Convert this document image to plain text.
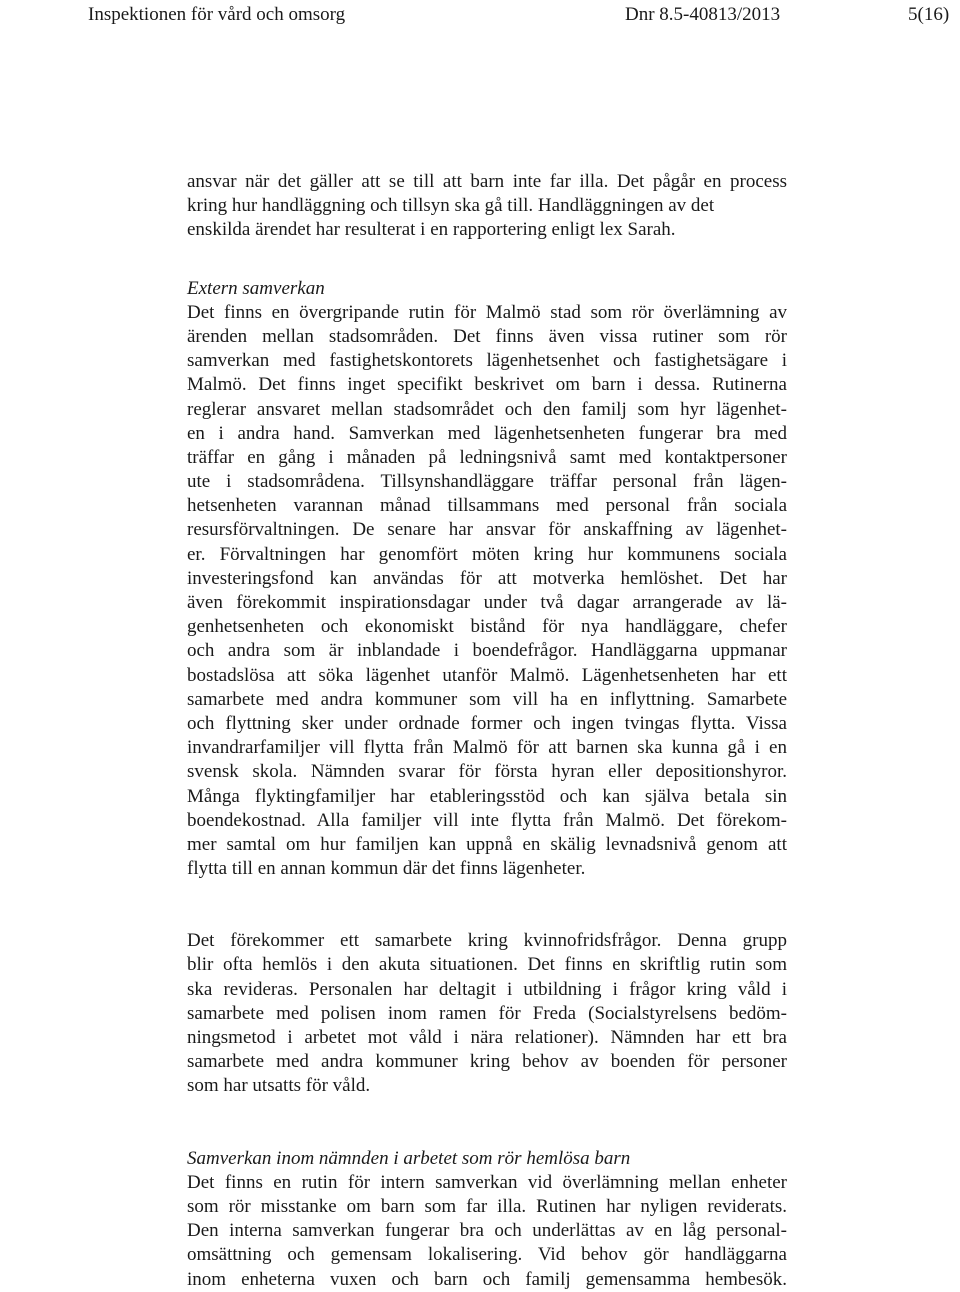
Inspektionen för vård och omsorg	Dnr 8.5-40813/2013	5(16)
ansvar när det gäller att se till att barn inte far illa. Det pågår en process
kring hur handläggning och tillsyn ska gå till. Handläggningen av det
enskilda ärendet har resulterat i en rapportering enligt lex Sarah.
Extern samverkan
Det finns en övergripande rutin för Malmö stad som rör överlämning av
ärenden mellan stadsområden. Det finns även vissa rutiner som rör
samverkan med fastighetskontorets lägenhetsenhet och fastighetsägare i
Malmö. Det finns inget specifikt beskrivet om barn i dessa. Rutinerna
reglerar ansvaret mellan stadsområdet och den familj som hyr lägenhet-
en i andra hand. Samverkan med lägenhetsenheten fungerar bra med
träffar en gång i månaden på ledningsnivå samt med kontaktpersoner
ute i stadsområdena. Tillsynshandläggare träffar personal från lägen-
hetsenheten varannan månad tillsammans med personal från sociala
resursförvaltningen. De senare har ansvar för anskaffning av lägenhet-
er. Förvaltningen har genomfört möten kring hur kommunens sociala
investeringsfond kan användas för att motverka hemlöshet. Det har
även förekommit inspirationsdagar under två dagar arrangerade av lä-
genhetsenheten och ekonomiskt bistånd för nya handläggare, chefer
och andra som är inblandade i boendefrågor. Handläggarna uppmanar
bostadslösa att söka lägenhet utanför Malmö. Lägenhetsenheten har ett
samarbete med andra kommuner som vill ha en inflyttning. Samarbete
och flyttning sker under ordnade former och ingen tvingas flytta. Vissa
invandrarfamiljer vill flytta från Malmö för att barnen ska kunna gå i en
svensk skola. Nämnden svarar för första hyran eller depositionshyror.
Många flyktingfamiljer har etableringsstöd och kan själva betala sin
boendekostnad. Alla familjer vill inte flytta från Malmö. Det förekom-
mer samtal om hur familjen kan uppnå en skälig levnadsnivå genom att
flytta till en annan kommun där det finns lägenheter.
Det förekommer ett samarbete kring kvinnofridsfrågor. Denna grupp
blir ofta hemlös i den akuta situationen. Det finns en skriftlig rutin som
ska revideras. Personalen har deltagit i utbildning i frågor kring våld i
samarbete med polisen inom ramen för Freda (Socialstyrelsens bedöm-
ningsmetod i arbetet mot våld i nära relationer). Nämnden har ett bra
samarbete med andra kommuner kring behov av boenden för personer
som har utsatts för våld.
Samverkan inom nämnden i arbetet som rör hemlösa barn
Det finns en rutin för intern samverkan vid överlämning mellan enheter
som rör misstanke om barn som far illa. Rutinen har nyligen reviderats.
Den interna samverkan fungerar bra och underlättas av en låg personal-
omsättning och gemensam lokalisering. Vid behov gör handläggarna
inom enheterna vuxen och barn och familj gemensamma hembesök.
